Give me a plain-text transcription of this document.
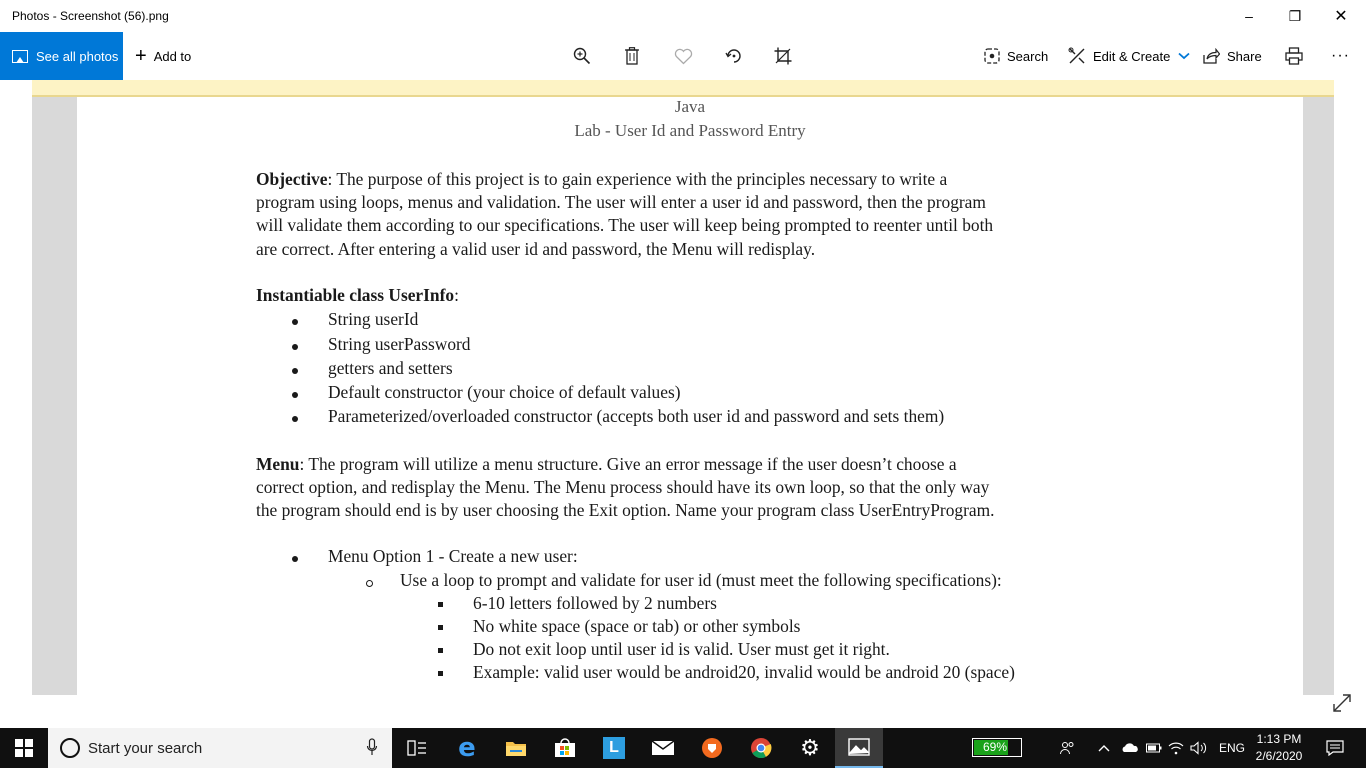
Photos - Screenshot (56).png	–	❐ ✕
See all photos + Add to	Search	Edit & Create	Share	···
Java
Lab - User Id and Password Entry
Objective: The purpose of this project is to gain experience with the principles necessary to write a
program using loops, menus and validation. The user will enter a user id and password, then the program
will validate them according to our specifications. The user will keep being prompted to reenter until both
are correct. After entering a valid user id and password, the Menu will redisplay.
Instantiable class UserInfo:
String userId
String userPassword
getters and setters
Default constructor (your choice of default values)
Parameterized/overloaded constructor (accepts both user id and password and sets them)
Menu: The program will utilize a menu structure. Give an error message if the user doesn’t choose a
correct option, and redisplay the Menu. The Menu process should have its own loop, so that the only way
the program should end is by user choosing the Exit option. Name your program class UserEntryProgram.
Menu Option 1 - Create a new user:
Use a loop to prompt and validate for user id (must meet the following specifications):
6-10 letters followed by 2 numbers
No white space (space or tab) or other symbols
Do not exit loop until user id is valid. User must get it right.
Example: valid user would be android20, invalid would be android 20 (space)
Start your search	e	L	⚙	69%	ENG
1:13 PM
2/6/2020
